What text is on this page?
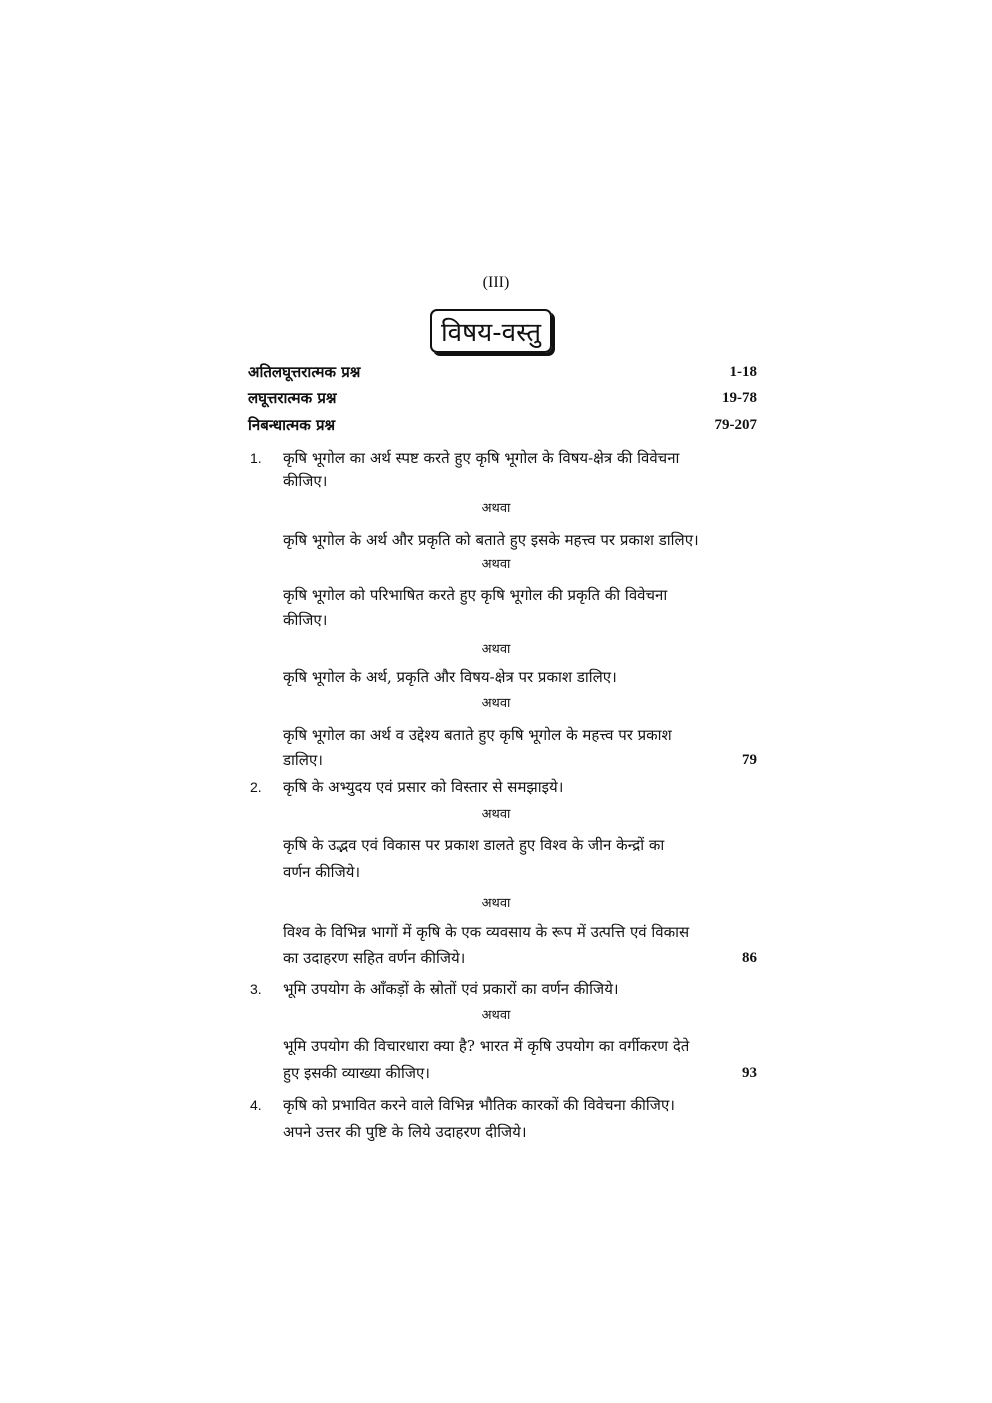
(III)
विषय-वस्तु
अतिलघूत्तरात्मक प्रश्न	1-18
लघूत्तरात्मक प्रश्न	19-78
निबन्धात्मक प्रश्न	79-207
1. कृषि भूगोल का अर्थ स्पष्ट करते हुए कृषि भूगोल के विषय-क्षेत्र की विवेचना
कीजिए।
अथवा
कृषि भूगोल के अर्थ और प्रकृति को बताते हुए इसके महत्त्व पर प्रकाश डालिए।
अथवा
कृषि भूगोल को परिभाषित करते हुए कृषि भूगोल की प्रकृति की विवेचना
कीजिए।
अथवा
कृषि भूगोल के अर्थ, प्रकृति और विषय-क्षेत्र पर प्रकाश डालिए।
अथवा
कृषि भूगोल का अर्थ व उद्देश्य बताते हुए कृषि भूगोल के महत्त्व पर प्रकाश
डालिए।	79
2. कृषि के अभ्युदय एवं प्रसार को विस्तार से समझाइये।
अथवा
कृषि के उद्भव एवं विकास पर प्रकाश डालते हुए विश्व के जीन केन्द्रों का
वर्णन कीजिये।
अथवा
विश्व के विभिन्न भागों में कृषि के एक व्यवसाय के रूप में उत्पत्ति एवं विकास
का उदाहरण सहित वर्णन कीजिये।	86
3. भूमि उपयोग के आँकड़ों के स्रोतों एवं प्रकारों का वर्णन कीजिये।
अथवा
भूमि उपयोग की विचारधारा क्या है? भारत में कृषि उपयोग का वर्गीकरण देते
हुए इसकी व्याख्या कीजिए।	93
4. कृषि को प्रभावित करने वाले विभिन्न भौतिक कारकों की विवेचना कीजिए।
अपने उत्तर की पुष्टि के लिये उदाहरण दीजिये।
